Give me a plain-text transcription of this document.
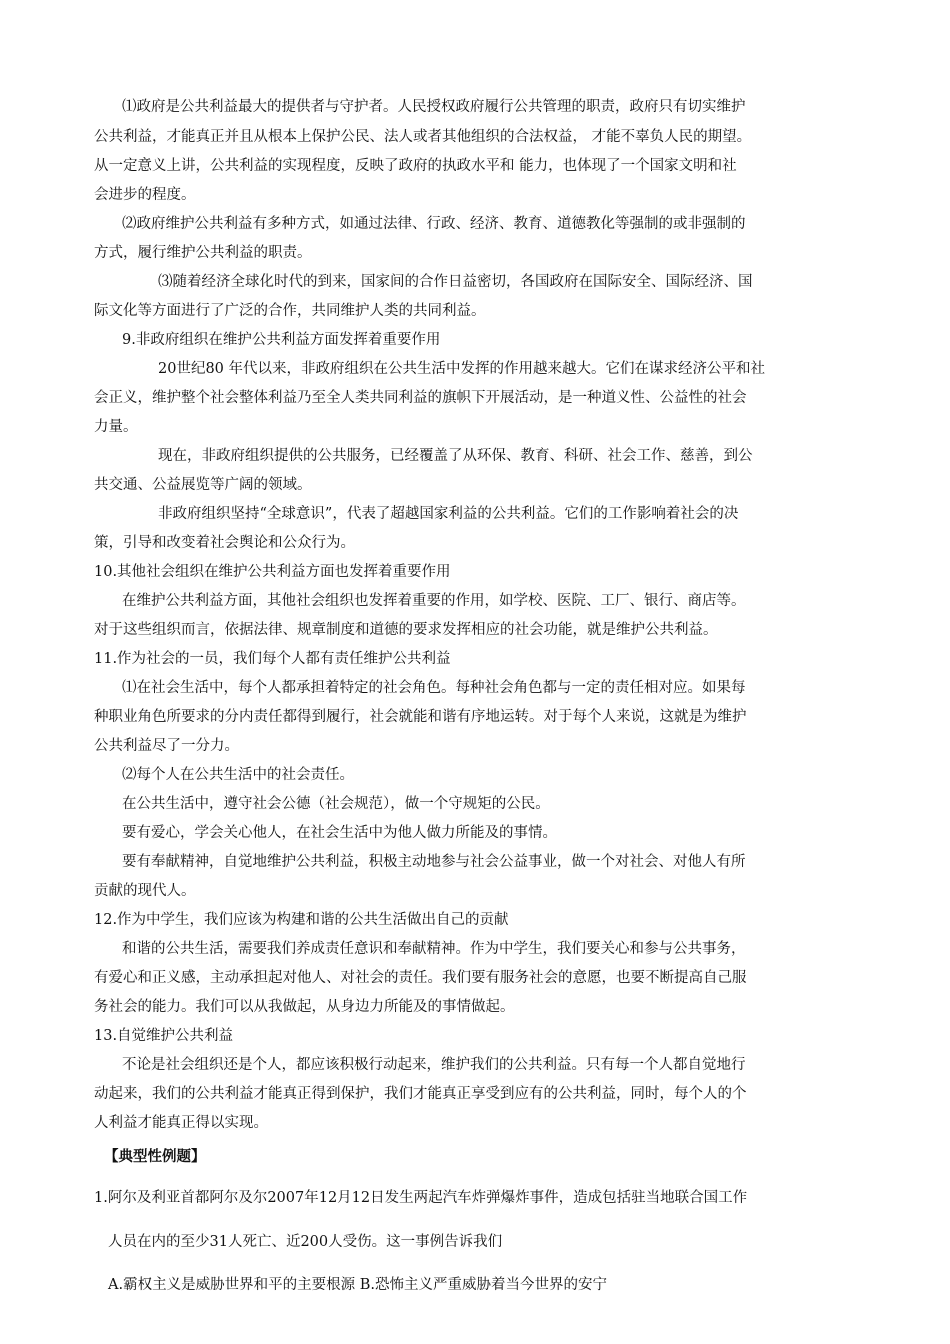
⑴政府是公共利益最大的提供者与守护者。人民授权政府履行公共管理的职责，政府只有切实维护
公共利益，才能真正并且从根本上保护公民、法人或者其他组织的合法权益， 才能不辜负人民的期望。
从一定意义上讲，公共利益的实现程度，反映了政府的执政水平和 能力，也体现了一个国家文明和社
会进步的程度。
⑵政府维护公共利益有多种方式，如通过法律、行政、经济、教育、道德教化等强制的或非强制的
方式，履行维护公共利益的职责。
⑶随着经济全球化时代的到来，国家间的合作日益密切，各国政府在国际安全、国际经济、国
际文化等方面进行了广泛的合作，共同维护人类的共同利益。
9.非政府组织在维护公共利益方面发挥着重要作用
20世纪80 年代以来，非政府组织在公共生活中发挥的作用越来越大。它们在谋求经济公平和社
会正义，维护整个社会整体利益乃至全人类共同利益的旗帜下开展活动，是一种道义性、公益性的社会
力量。
现在，非政府组织提供的公共服务，已经覆盖了从环保、教育、科研、社会工作、慈善，到公
共交通、公益展览等广阔的领域。
非政府组织坚持“全球意识”，代表了超越国家利益的公共利益。它们的工作影响着社会的决
策，引导和改变着社会舆论和公众行为。
10.其他社会组织在维护公共利益方面也发挥着重要作用
在维护公共利益方面，其他社会组织也发挥着重要的作用，如学校、医院、工厂、银行、商店等。
对于这些组织而言，依据法律、规章制度和道德的要求发挥相应的社会功能，就是维护公共利益。
11.作为社会的一员，我们每个人都有责任维护公共利益
⑴在社会生活中，每个人都承担着特定的社会角色。每种社会角色都与一定的责任相对应。如果每
种职业角色所要求的分内责任都得到履行，社会就能和谐有序地运转。对于每个人来说，这就是为维护
公共利益尽了一分力。
⑵每个人在公共生活中的社会责任。
在公共生活中，遵守社会公德（社会规范），做一个守规矩的公民。
要有爱心，学会关心他人，在社会生活中为他人做力所能及的事情。
要有奉献精神，自觉地维护公共利益，积极主动地参与社会公益事业，做一个对社会、对他人有所
贡献的现代人。
12.作为中学生，我们应该为构建和谐的公共生活做出自己的贡献
和谐的公共生活，需要我们养成责任意识和奉献精神。作为中学生，我们要关心和参与公共事务，
有爱心和正义感，主动承担起对他人、对社会的责任。我们要有服务社会的意愿，也要不断提高自己服
务社会的能力。我们可以从我做起，从身边力所能及的事情做起。
13.自觉维护公共利益
不论是社会组织还是个人，都应该积极行动起来，维护我们的公共利益。只有每一个人都自觉地行
动起来，我们的公共利益才能真正得到保护，我们才能真正享受到应有的公共利益，同时，每个人的个
人利益才能真正得以实现。
【典型性例题】
1.阿尔及利亚首都阿尔及尔2007年12月12日发生两起汽车炸弹爆炸事件，造成包括驻当地联合国工作
人员在内的至少31人死亡、近200人受伤。这一事例告诉我们
A.霸权主义是威胁世界和平的主要根源 B.恐怖主义严重威胁着当今世界的安宁
